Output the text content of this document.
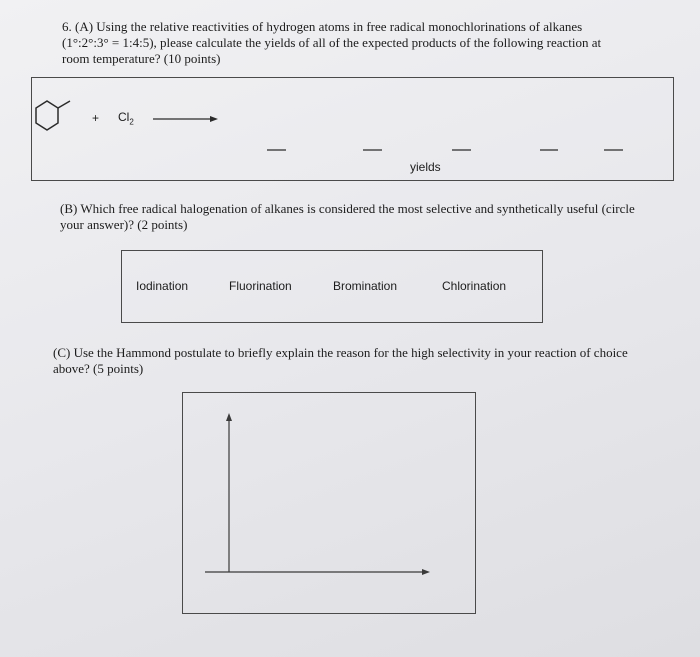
6. (A) Using the relative reactivities of hydrogen atoms in free radical monochlorinations of alkanes (1°:2°:3° = 1:4:5), please calculate the yields of all of the expected products of the following reaction at room temperature? (10 points)

+ $Cl_2$
yields

(B) Which free radical halogenation of alkanes is considered the most selective and synthetically useful (circle your answer)? (2 points)

Iodination	Fluorination	Bromination	Chlorination

(C) Use the Hammond postulate to briefly explain the reason for the high selectivity in your reaction of choice above? (5 points)
